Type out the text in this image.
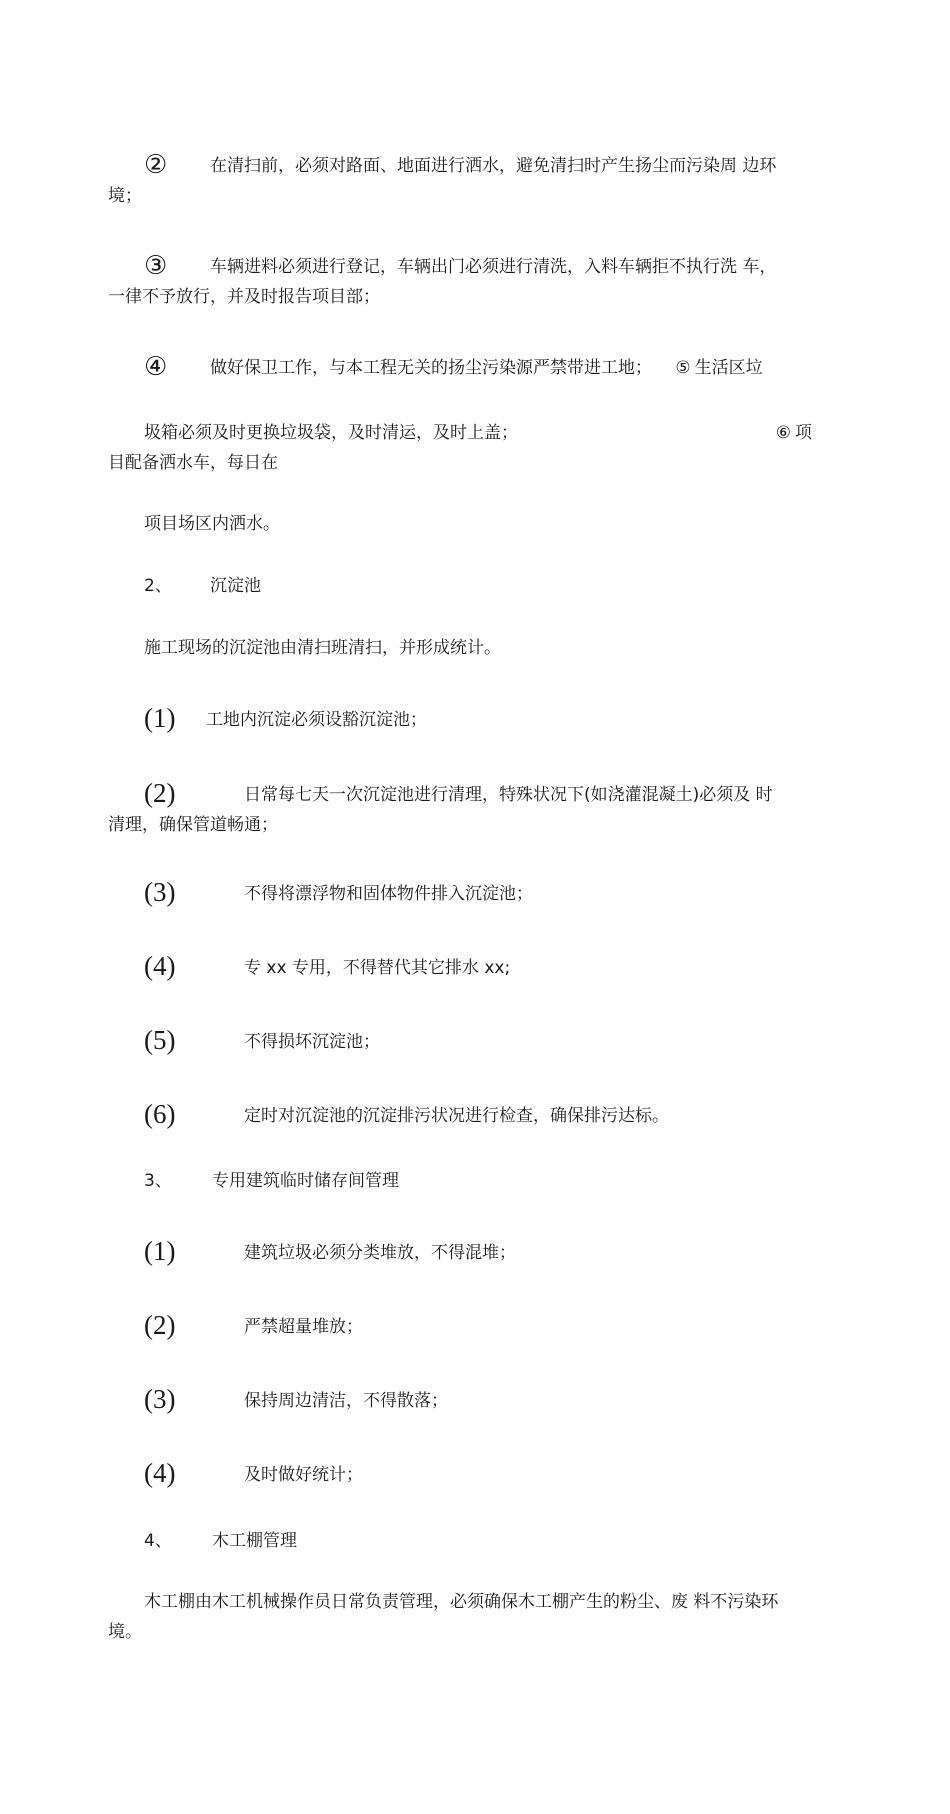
②	在清扫前，必须对路面、地面进行洒水，避免清扫时产生扬尘而污染周 边环
境；

③	车辆进料必须进行登记，车辆出门必须进行清洗，入料车辆拒不执行洗 车，
一律不予放行，并及时报告项目部；

④	做好保卫工作，与本工程无关的扬尘污染源严禁带进工地； ⑤ 生活区垃

圾箱必须及时更换垃圾袋，及时清运，及时上盖；	⑥ 项
目配备洒水车，每日在

项目场区内洒水。

2、 沉淀池

施工现场的沉淀池由清扫班清扫，并形成统计。

(1) 工地内沉淀必须设豁沉淀池；

(2)	日常每七天一次沉淀池进行清理，特殊状况下(如浇灌混凝土)必须及 时
清理，确保管道畅通；

(3)	不得将漂浮物和固体物件排入沉淀池；

(4)	专 xx 专用，不得替代其它排水 xx;

(5)	不得损坏沉淀池；

(6)	定时对沉淀池的沉淀排污状况进行检查，确保排污达标。

3、 专用建筑临时储存间管理

(1)	建筑垃圾必须分类堆放，不得混堆；

(2)	严禁超量堆放；

(3)	保持周边清洁，不得散落；

(4)	及时做好统计；

4、 木工棚管理

木工棚由木工机械操作员日常负责管理，必须确保木工棚产生的粉尘、废 料不污染环
境。
